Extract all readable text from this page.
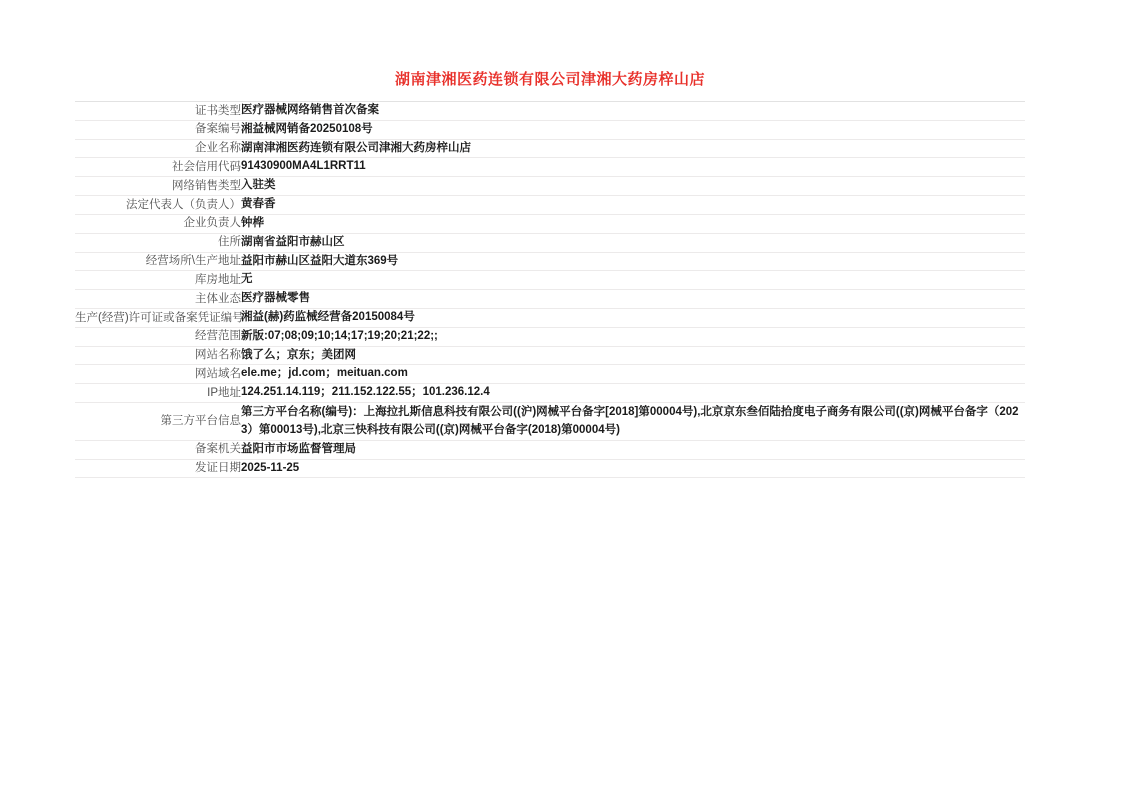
湖南津湘医药连锁有限公司津湘大药房梓山店
证书类型	医疗器械网络销售首次备案
备案编号	湘益械网销备20250108号
企业名称	湖南津湘医药连锁有限公司津湘大药房梓山店
社会信用代码	91430900MA4L1RRT11
网络销售类型	入驻类
法定代表人（负责人）	黄春香
企业负责人	钟桦
住所	湖南省益阳市赫山区
经营场所\生产地址	益阳市赫山区益阳大道东369号
库房地址	无
主体业态	医疗器械零售
生产(经营)许可证或备案凭证编号	湘益(赫)药监械经营备20150084号
经营范围	新版:07;08;09;10;14;17;19;20;21;22;;
网站名称	饿了么；京东；美团网
网站域名	ele.me；jd.com；meituan.com
IP地址	124.251.14.119；211.152.122.55；101.236.12.4
第三方平台信息	第三方平台名称(编号)：上海拉扎斯信息科技有限公司((沪)网械平台备字[2018]第00004号),北京京东叁佰陆拾度电子商务有限公司((京)网械平台备字（2023）第00013号),北京三快科技有限公司((京)网械平台备字(2018)第00004号)
备案机关	益阳市市场监督管理局
发证日期	2025-11-25
